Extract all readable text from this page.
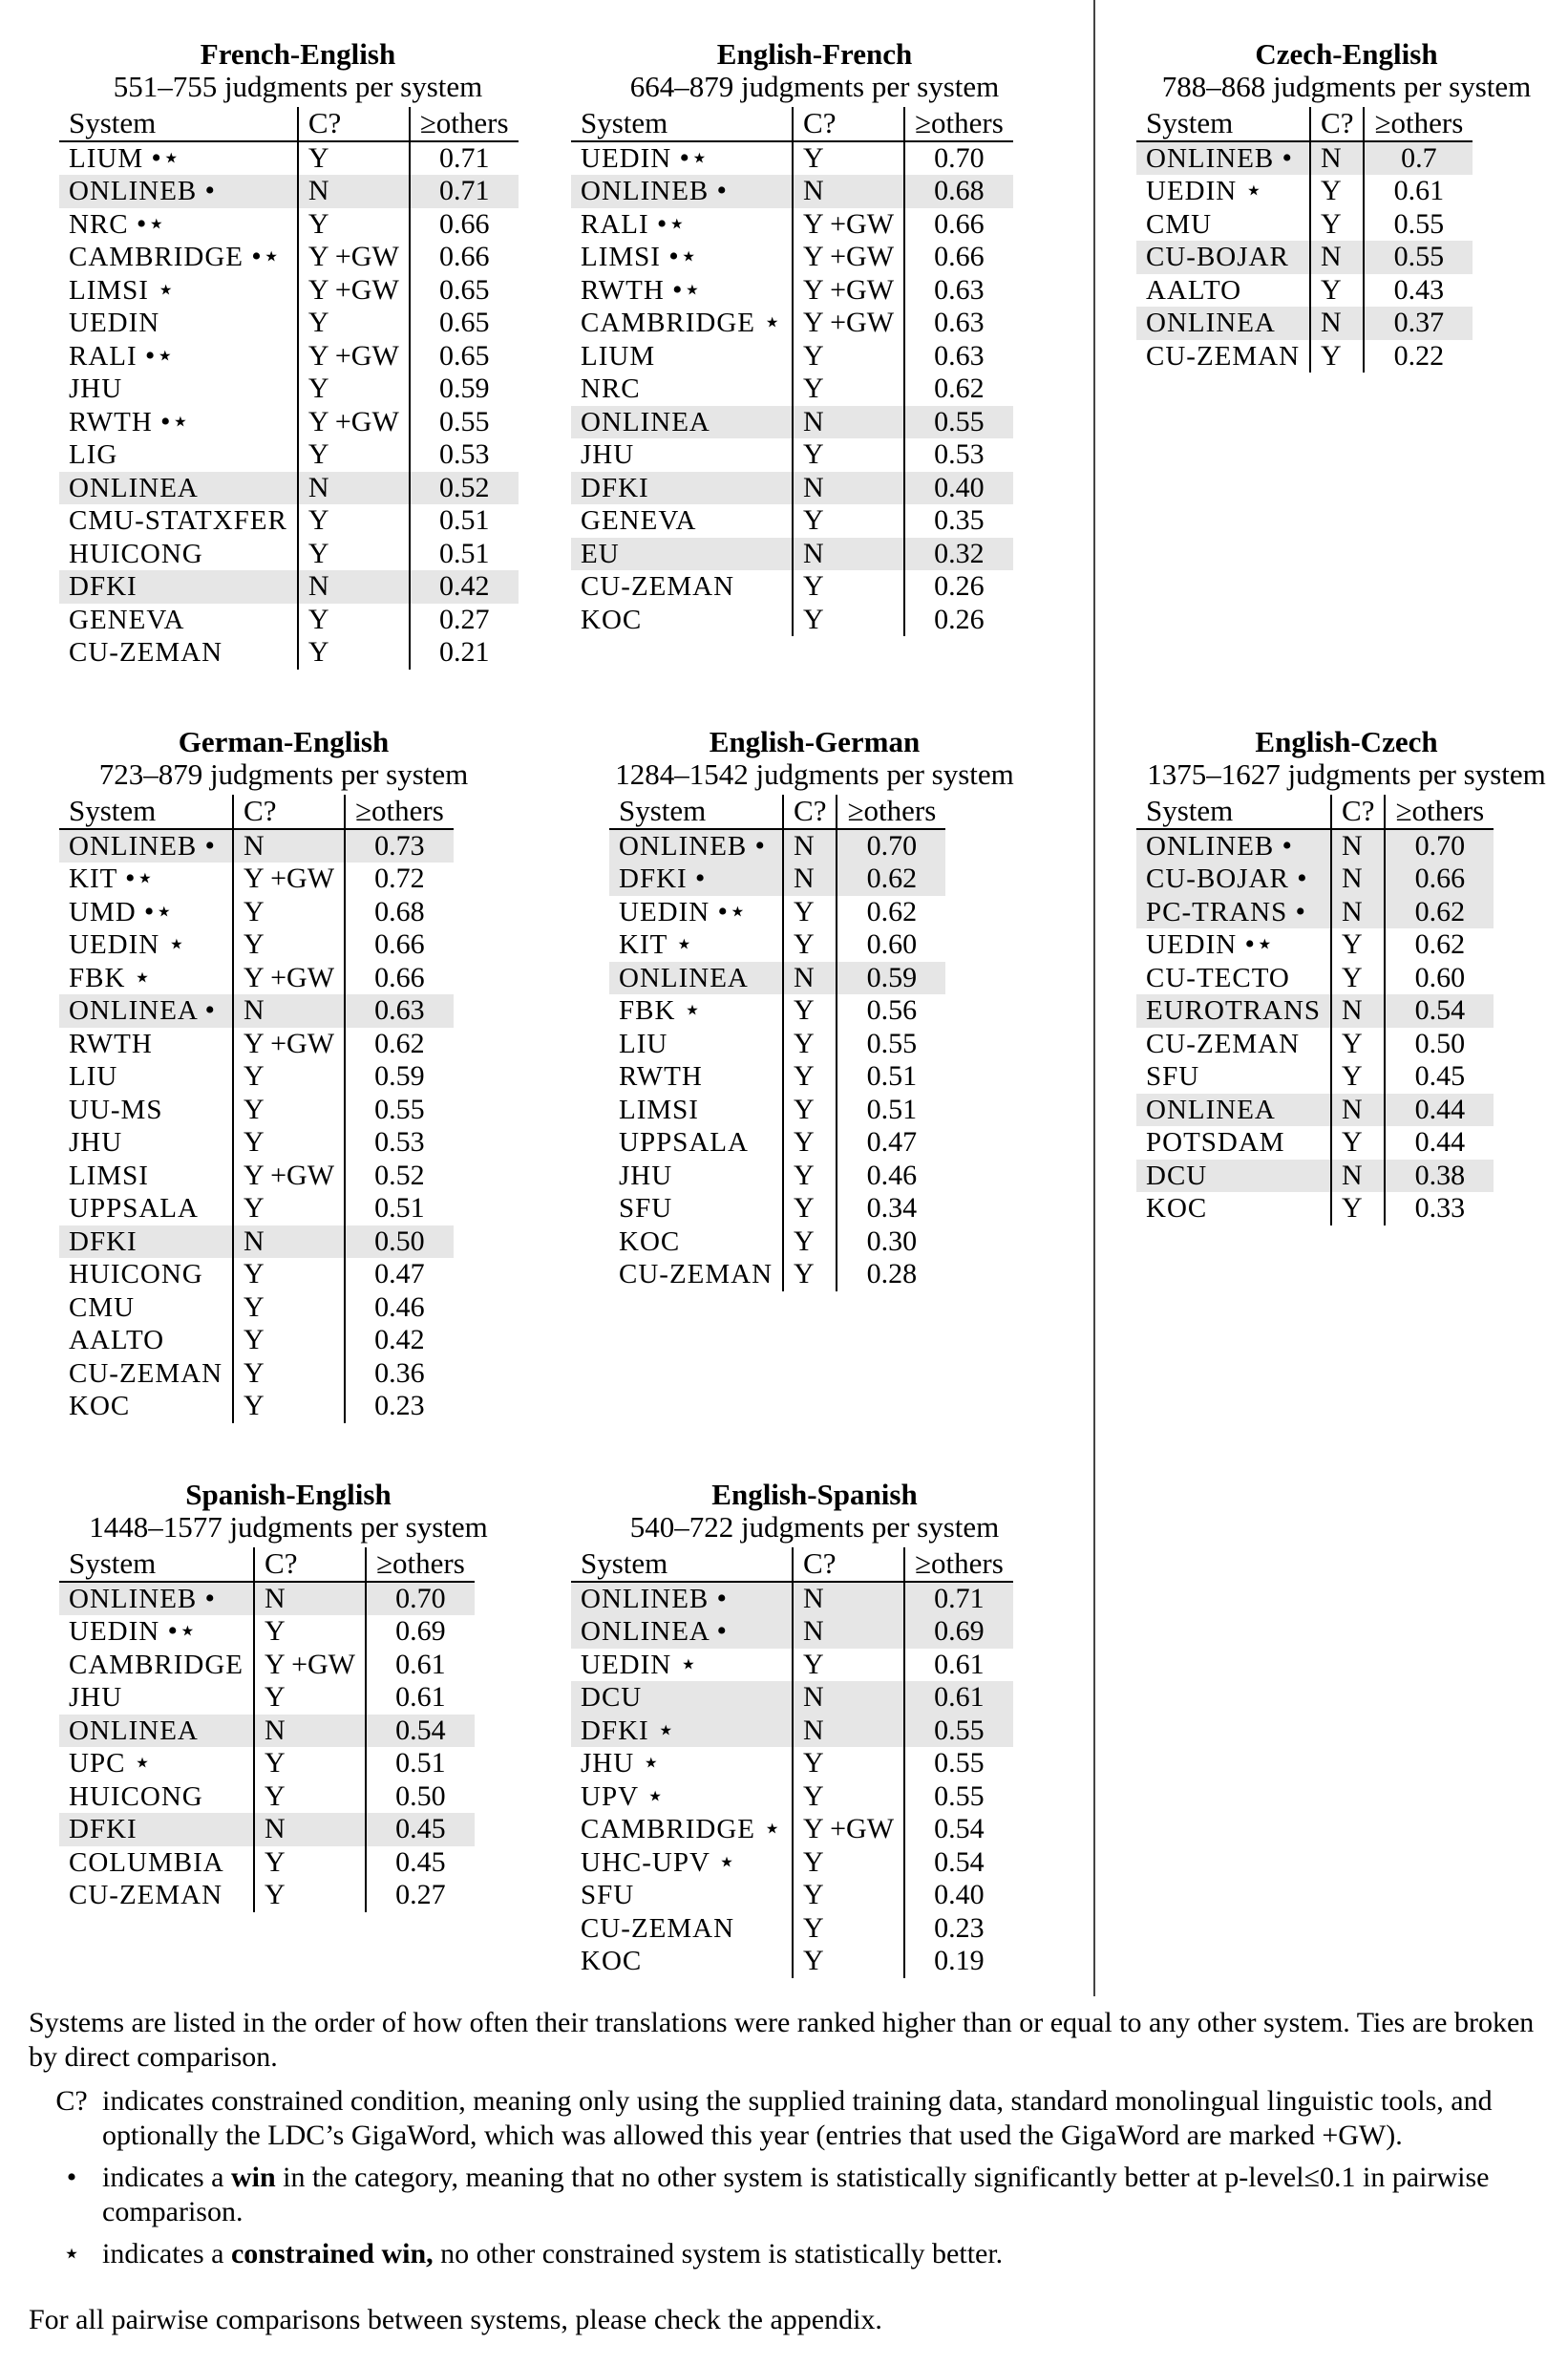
French-English
551–755 judgments per system
System	C?	≥others
LIUM •⋆	Y	0.71
ONLINEB •	N	0.71
NRC •⋆	Y	0.66
CAMBRIDGE •⋆	Y +GW	0.66
LIMSI ⋆	Y +GW	0.65
UEDIN	Y	0.65
RALI •⋆	Y +GW	0.65
JHU	Y	0.59
RWTH •⋆	Y +GW	0.55
LIG	Y	0.53
ONLINEA	N	0.52
CMU-STATXFER	Y	0.51
HUICONG	Y	0.51
DFKI	N	0.42
GENEVA	Y	0.27
CU-ZEMAN	Y	0.21
English-French
664–879 judgments per system
System	C?	≥others
UEDIN •⋆	Y	0.70
ONLINEB •	N	0.68
RALI •⋆	Y +GW	0.66
LIMSI •⋆	Y +GW	0.66
RWTH •⋆	Y +GW	0.63
CAMBRIDGE ⋆	Y +GW	0.63
LIUM	Y	0.63
NRC	Y	0.62
ONLINEA	N	0.55
JHU	Y	0.53
DFKI	N	0.40
GENEVA	Y	0.35
EU	N	0.32
CU-ZEMAN	Y	0.26
KOC	Y	0.26
Czech-English
788–868 judgments per system
System	C?	≥others
ONLINEB •	N	0.7
UEDIN ⋆	Y	0.61
CMU	Y	0.55
CU-BOJAR	N	0.55
AALTO	Y	0.43
ONLINEA	N	0.37
CU-ZEMAN	Y	0.22
German-English
723–879 judgments per system
System	C?	≥others
ONLINEB •	N	0.73
KIT •⋆	Y +GW	0.72
UMD •⋆	Y	0.68
UEDIN ⋆	Y	0.66
FBK ⋆	Y +GW	0.66
ONLINEA •	N	0.63
RWTH	Y +GW	0.62
LIU	Y	0.59
UU-MS	Y	0.55
JHU	Y	0.53
LIMSI	Y +GW	0.52
UPPSALA	Y	0.51
DFKI	N	0.50
HUICONG	Y	0.47
CMU	Y	0.46
AALTO	Y	0.42
CU-ZEMAN	Y	0.36
KOC	Y	0.23
English-German
1284–1542 judgments per system
System	C?	≥others
ONLINEB •	N	0.70
DFKI •	N	0.62
UEDIN •⋆	Y	0.62
KIT ⋆	Y	0.60
ONLINEA	N	0.59
FBK ⋆	Y	0.56
LIU	Y	0.55
RWTH	Y	0.51
LIMSI	Y	0.51
UPPSALA	Y	0.47
JHU	Y	0.46
SFU	Y	0.34
KOC	Y	0.30
CU-ZEMAN	Y	0.28
English-Czech
1375–1627 judgments per system
System	C?	≥others
ONLINEB •	N	0.70
CU-BOJAR •	N	0.66
PC-TRANS •	N	0.62
UEDIN •⋆	Y	0.62
CU-TECTO	Y	0.60
EUROTRANS	N	0.54
CU-ZEMAN	Y	0.50
SFU	Y	0.45
ONLINEA	N	0.44
POTSDAM	Y	0.44
DCU	N	0.38
KOC	Y	0.33
Spanish-English
1448–1577 judgments per system
System	C?	≥others
ONLINEB •	N	0.70
UEDIN •⋆	Y	0.69
CAMBRIDGE	Y +GW	0.61
JHU	Y	0.61
ONLINEA	N	0.54
UPC ⋆	Y	0.51
HUICONG	Y	0.50
DFKI	N	0.45
COLUMBIA	Y	0.45
CU-ZEMAN	Y	0.27
English-Spanish
540–722 judgments per system
System	C?	≥others
ONLINEB •	N	0.71
ONLINEA •	N	0.69
UEDIN ⋆	Y	0.61
DCU	N	0.61
DFKI ⋆	N	0.55
JHU ⋆	Y	0.55
UPV ⋆	Y	0.55
CAMBRIDGE ⋆	Y +GW	0.54
UHC-UPV ⋆	Y	0.54
SFU	Y	0.40
CU-ZEMAN	Y	0.23
KOC	Y	0.19

Systems are listed in the order of how often their translations were ranked higher than or equal to any other system. Ties are broken by direct comparison.

C? indicates constrained condition, meaning only using the supplied training data, standard monolingual linguistic tools, and optionally the LDC’s GigaWord, which was allowed this year (entries that used the GigaWord are marked +GW).
• indicates a win in the category, meaning that no other system is statistically significantly better at p-level≤0.1 in pairwise comparison.
⋆ indicates a constrained win, no other constrained system is statistically better.
For all pairwise comparisons between systems, please check the appendix.
